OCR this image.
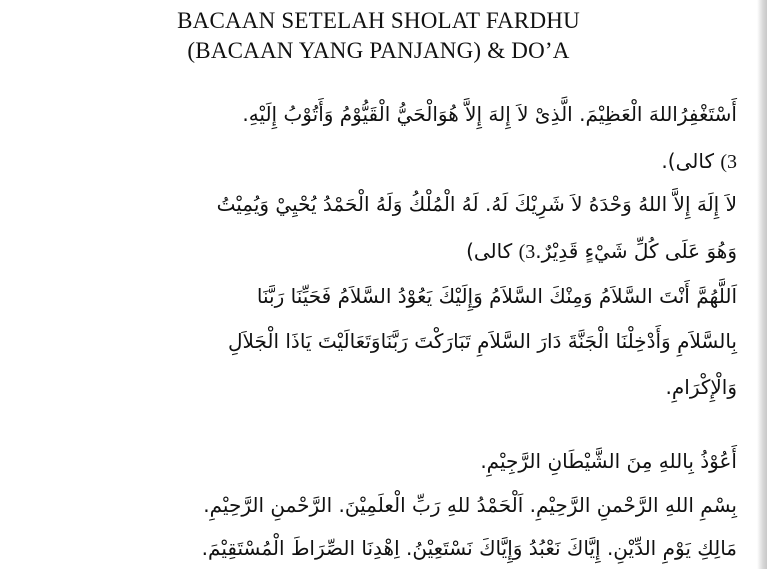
BACAAN SETELAH SHOLAT FARDHU
(BACAAN YANG PANJANG) & DO’A
أَسْتَغْفِرُاللهَ الْعَظِيْمَ. الَّذِىْ لاَ إِلهَ إِلاَّ هُوَالْحَيُّ الْقَيُّوْمُ وَأَتُوْبُ إِلَيْهِ.
(3 كالى).
لاَ إِلَهَ إِلاَّ اللهُ وَحْدَهُ لاَ شَرِيْكَ لَهُ. لَهُ الْمُلْكُ وَلَهُ الْحَمْدُ يُحْيِيْ وَيُمِيْتُ
وَهُوَ عَلَى كُلِّ شَيْءٍ قَدِيْرٌ.(3 كالى)
اَللَّهُمَّ أَنْتَ السَّلاَمُ وَمِنْكَ السَّلاَمُ وَإِلَيْكَ يَعُوْدُ السَّلاَمُ فَحَيِّنَا رَبَّنَا
بِالسَّلاَمِ وَأَدْخِلْنَا الْجَنَّةَ دَارَ السَّلاَمِ تَبَارَكْتَ رَبَّنَاوَتَعَالَيْتَ يَاذَا الْجَلاَلِ
وَالْإِكْرَامِ.
أَعُوْذُ بِاللهِ مِنَ الشَّيْطَانِ الرَّجِيْمِ.
بِسْمِ اللهِ الرَّحْمنِ الرَّحِيْمِ. اَلْحَمْدُ للهِ رَبِّ الْعلَمِيْنَ. الرَّحْمنِ الرَّحِيْمِ.
مَالِكِ يَوْمِ الدِّيْنِ. إِيَّاكَ نَعْبُدُ وَإِيَّاكَ نَسْتَعِيْنُ. اِهْدِنَا الصِّرَاطَ الْمُسْتَقِيْمَ.
